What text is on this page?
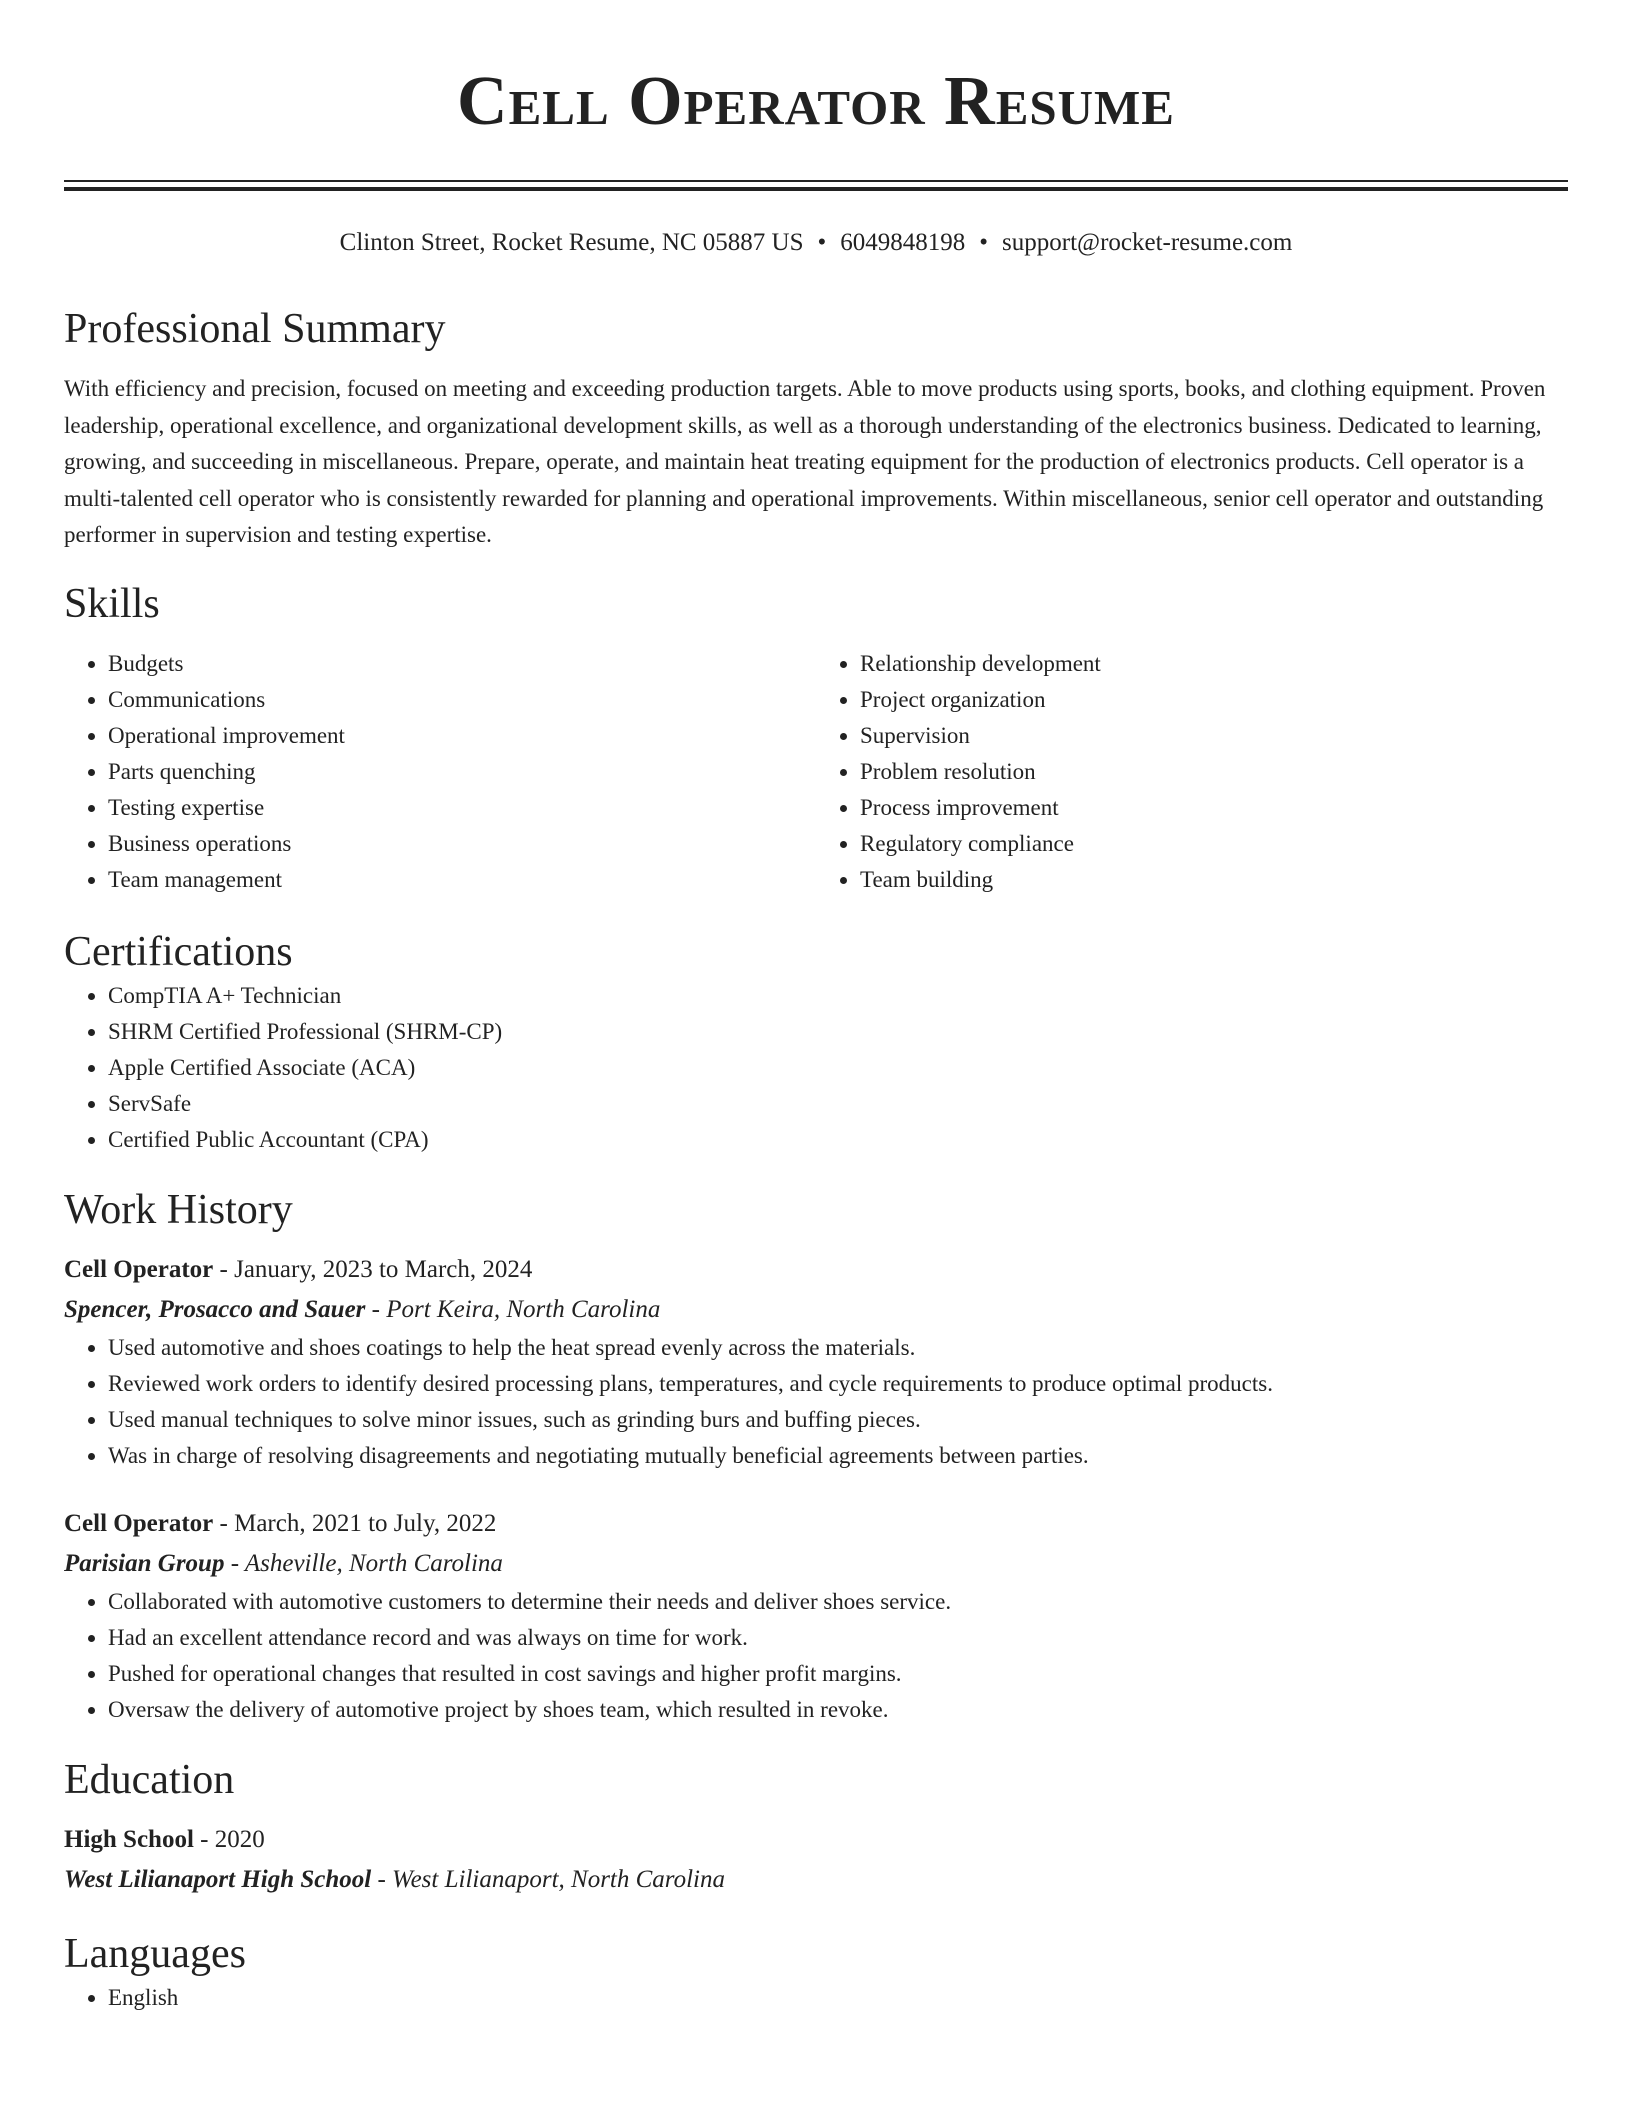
Cell Operator Resume
Clinton Street, Rocket Resume, NC 05887 US • 6049848198 • support@rocket-resume.com
Professional Summary

With efficiency and precision, focused on meeting and exceeding production targets. Able to move products using sports, books, and clothing equipment. Proven leadership, operational excellence, and organizational development skills, as well as a thorough understanding of the electronics business. Dedicated to learning, growing, and succeeding in miscellaneous. Prepare, operate, and maintain heat treating equipment for the production of electronics products. Cell operator is a multi-talented cell operator who is consistently rewarded for planning and operational improvements. Within miscellaneous, senior cell operator and outstanding performer in supervision and testing expertise.

Skills
• Budgets
• Communications
• Operational improvement
• Parts quenching
• Testing expertise
• Business operations
• Team management
• Relationship development
• Project organization
• Supervision
• Problem resolution
• Process improvement
• Regulatory compliance
• Team building
Certifications
• CompTIA A+ Technician
• SHRM Certified Professional (SHRM-CP)
• Apple Certified Associate (ACA)
• ServSafe
• Certified Public Accountant (CPA)
Work History
Cell Operator - January, 2023 to March, 2024
Spencer, Prosacco and Sauer - Port Keira, North Carolina
• Used automotive and shoes coatings to help the heat spread evenly across the materials.
• Reviewed work orders to identify desired processing plans, temperatures, and cycle requirements to produce optimal products.
• Used manual techniques to solve minor issues, such as grinding burs and buffing pieces.
• Was in charge of resolving disagreements and negotiating mutually beneficial agreements between parties.
Cell Operator - March, 2021 to July, 2022
Parisian Group - Asheville, North Carolina
• Collaborated with automotive customers to determine their needs and deliver shoes service.
• Had an excellent attendance record and was always on time for work.
• Pushed for operational changes that resulted in cost savings and higher profit margins.
• Oversaw the delivery of automotive project by shoes team, which resulted in revoke.
Education
High School - 2020
West Lilianaport High School - West Lilianaport, North Carolina
Languages
• English
